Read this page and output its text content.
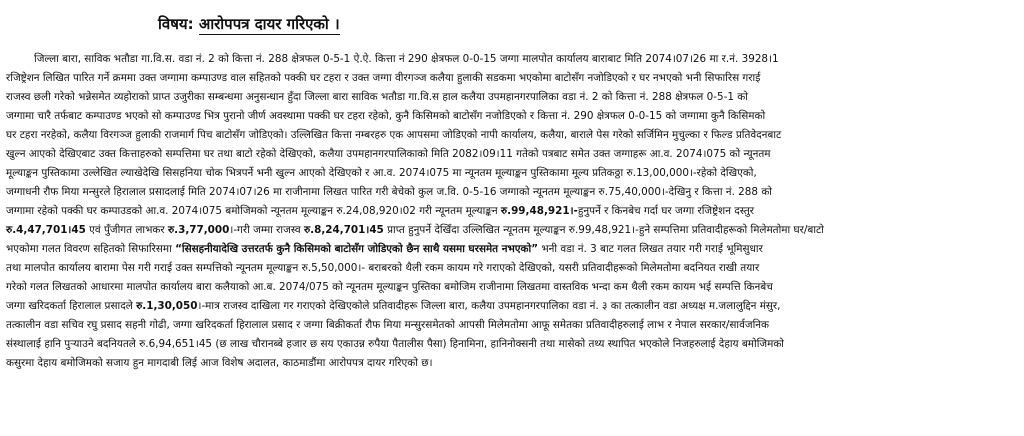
विषय: आरोपपत्र दायर गरिएको ।
जिल्ला बारा, साविक भतौडा गा.वि.स. वडा नं. 2 को कित्ता नं. 288 क्षेत्रफल 0-5-1 ऐ.ऐ. कित्ता नं 290 क्षेत्रफल 0-0-15 जग्गा मालपोत कार्यालय बाराबाट मिति 2074।07।26 मा र.नं. 3928।1
रजिष्ट्रेशन लिखित पारित गर्ने क्रममा उक्त जग्गामा कम्पाउण्ड वाल सहितको पक्की घर टहरा र उक्त जग्गा वीरगञ्ज कलैया हुलाकी सडकमा भएकोमा बाटोसँग नजोडिएको र घर नभएको भनी सिफारिस गराई
राजस्व छली गरेको भन्नेसमेत व्यहोराको प्राप्त उजुरीका सम्बन्धमा अनुसन्धान हुँदा जिल्ला बारा साविक भतौडा गा.वि.स हाल कलैया उपमहानगरपालिका वडा नं. 2 को कित्ता नं. 288 क्षेत्रफल 0-5-1 को
जग्गामा चारै तर्फबाट कम्पाउण्ड भएको सो कम्पाउण्ड भित्र पुरानो जीर्ण अवस्थामा पक्की घर टहरा रहेको, कुनै किसिमको बाटोसँग नजोडिएको र कित्ता नं. 290 क्षेत्रफल 0-0-15 को जग्गामा कुनै किसिमको
घर टहरा नरहेको, कलैया विरगञ्ज हुलाकी राजमार्ग पिच बाटोसँग जोडिएको। उल्लिखित कित्ता नम्बरहरु एक आपसमा जोडिएको नापी कार्यालय, कलैया, बाराले पेस गरेको सर्जिमिन मुचुल्का र फिल्ड प्रतिवेदनबाट
खुल्न आएको देखिएबाट उक्त कित्ताहरुको सम्पत्तिमा घर तथा बाटो रहेको देखिएको, कलैया उपमहानगरपालिकाको मिति 2082।09।11 गतेको पत्रबाट समेत उक्त जग्गाहरू आ.व. 2074।075 को न्यूनतम
मूल्याङ्कन पुस्तिकामा उल्लेखित ल्याखेदेखि सिसहनिया चोक भित्रपर्ने भनी खुल्न आएको देखिएको र आ.व. 2074।075 मा न्यूनतम मूल्याङ्कन पुस्तिकामा मूल्य प्रतिकठ्ठा रु.13,00,000।-रहेको देखिएको,
जग्गाधनी रौफ मिया मन्सुरले हिरालाल प्रसादलाई मिति 2074।07।26 मा राजीनामा लिखत पारित गरी बेचेको कुल ज.वि. 0-5-16 जग्गाको न्यूनतम मूल्याङ्कन रु.75,40,000।-देखिनु र कित्ता नं. 288 को
जग्गामा रहेको पक्की घर कम्पाउडको आ.व. 2074।075 बमोजिमको न्यूनतम मूल्याङ्कन रु.24,08,920।02 गरी न्यूनतम मूल्याङ्कन रु.99,48,921।-हुनुपर्ने र किनबेच गर्दा घर जग्गा रजिष्ट्रेशन दस्तुर
रु.4,47,701।45 एवं पुँजीगत लाभकर रु.3,77,000।-गरी जम्मा राजस्व रु.8,24,701।45 प्राप्त हुनुपर्ने देखिँदा उल्लिखित न्यूनतम मूल्याङ्कन रु.99,48,921।-हुने सम्पत्तिमा प्रतिवादीहरूको मिलेमतोमा घर/बाटो
भएकोमा गलत विवरण सहितको सिफारिसमा “सिसहनीयादेखि उत्तरतर्फ कुनै किसिमको बाटोसँग जोडिएको छैन साथै यसमा घरसमेत नभएको” भनी वडा नं. 3 बाट गलत लिखत तयार गरी गराई भूमिसुधार
तथा मालपोत कार्यालय बारामा पेस गरी गराई उक्त सम्पत्तिको न्यूनतम मूल्याङ्कन रु.5,50,000।- बराबरको थैली रकम कायम गरे गराएको देखिएको, यसरी प्रतिवादीहरूको मिलेमतोमा बदनियत राखी तयार
गरेको गलत लिखतको आधारमा मालपोत कार्यालय बारा कलैयाको आ.ब. 2074/075 को न्यूनतम मूल्याङ्कन पुस्तिका बमोजिम राजीनामा लिखतमा वास्तविक भन्दा कम थैली रकम कायम भई सम्पत्ति किनबेच
जग्गा खरिदकर्ता हिरालाल प्रसादले रु.1,30,050।-मात्र राजस्व दाखिला गर गराएको देखिएकोले प्रतिवादीहरू जिल्ला बारा, कलैया उपमहानगरपालिका वडा नं. ३ का तत्कालीन वडा अध्यक्ष म.जलालुद्दिन मंसुर,
तत्कालीन वडा सचिव रघु प्रसाद सहनी गोढी, जग्गा खरिदकर्ता हिरालाल प्रसाद र जग्गा बिक्रीकर्ता रौफ मिया मन्सुरसमेतको आपसी मिलेमतोमा आफू समेतका प्रतिवादीहरुलाई लाभ र नेपाल सरकार/सार्वजनिक
संस्थालाई हानि पुऱ्याउने बदनियतले रु.6,94,651।45 (छ लाख चौरानब्बे हजार छ सय एकाउन्न रुपैया पैतालीस पैसा) हिनामिना, हानिनोक्सनी तथा मासेको तथ्य स्थापित भएकोले निजहरुलाई देहाय बमोजिमको
कसुरमा देहाय बमोजिमको सजाय हुन मागदाबी लिई आज विशेष अदालत, काठमाडौंमा आरोपपत्र दायर गरिएको छ।
